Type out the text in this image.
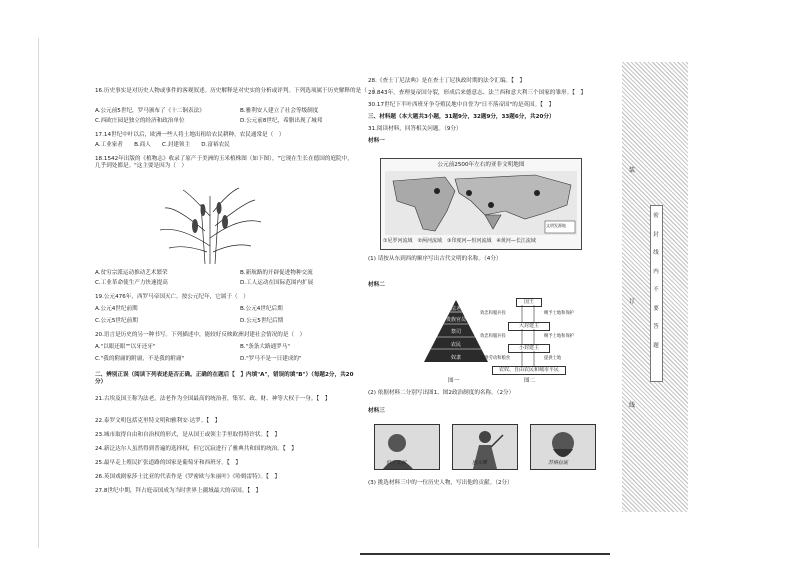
16.历史事实是对历史人物或事件的客观叙述。历史解释是对史实的分析或评判。下列选项属于历史解释的是（　）
A.公元前5世纪，罗马颁布了《十二铜表法》	B.雅利安人建立了社会等级制度
C.西欧庄园是独立的经济和政治单位	D.公元前8世纪，希腊出现了城邦
17.14世纪中叶以后，欧洲一些人将土地出租给农民耕种，农民通常是（　）
A.工业家者　　B.商人　　C.封建领主　　D.富裕农民
18.1542年出版的《植物志》收录了原产于美洲的玉米植株图（如下图），"它现在生长在德国的庭院中，几乎到处都是。"这主要是因为（　）
A.贫穷宗派运动推动艺术繁荣	B.新航路的开辟促进物种交流
C.工业革命使生产力快速提高	D.工人运动在国际范围内扩展
19.公元476年，西罗马帝国灭亡。按公元纪年，它属于（　）
A.公元4世纪前期	B.公元4世纪后期
C.公元5世纪前期	D.公元5世纪后期
20.语言是历史的另一种书写。下列描述中，能较好反映欧洲封建社会情况的是（　）
A."以眼还眼""以牙还牙"	B."条条大路通罗马"
C."我的附庸的附庸，不是我的附庸"	D."罗马不是一日建成的"
二、辨别正误（阅读下列表述是否正确。正确的在题后【　】内填"A"，错误的填"B"）（每题2分，共20分）
21.古埃及国王称为法老，法老作为全国最高的统治者，集军、政、财、神等大权于一身。【　】
22.泰罗文明包括克里特文明和雅利安·达罗。【　】
23.城市取得自由和自治权的形式，是从国王或领主手里取得特许状。【　】
24.新泛达尔人虽然得到普遍的选择权，但它沉寂进行了雅典共和国的统治。【　】
25.最早走上殖民扩张道路的国家是葡萄牙和西班牙。【　】
26.英国戏剧家莎士比亚的代表作是《罗密欧与朱丽叶》《哈姆雷特》。【　】
27.8世纪中期，拜占庭帝国成为当时世界上疆域最大的帝国。【　】
28.《查士丁尼法典》是在查士丁尼执政时期的法令汇编。【　】
29.843年，查理曼帝国分裂，形成后来德意志、法兰西和意大利三个国家的雏形。【　】
30.17世纪下半叶西班牙争夺殖民地中自誉为"日不落帝国"的是英国。【　】
三、材料题（本大题共3小题，31题9分，32题9分，33题6分，共20分）
31.阅读材料，回答相关问题。（9分）
材料一
公元前2500年左右的亚非文明地图
文明发源地
①尼罗河流域　②两河流域　③印度河—恒河流域　④黄河—长江流域
(1) 请按从东到西的顺序写出古代文明的名称。（4分）
材料二
法老
贵族官员
祭司
农民
奴隶
国王
大封建主
小封建主
农奴、自由农民和城市平民
效忠和服兵役	赐予土地和保护
效忠和服兵役	赐予土地和保护
提供劳动和粮食	提供土地
图一	图二
(2) 依据材料二分别写出图1、图2政治制度的名称。（2分）
材料三
但丁天利	屋大维	苏格拉底
(3) 挑选材料三中的一位历史人物，写出他的贡献。（2分）
装
订
线
密
封
线
内
不
要
答
题
